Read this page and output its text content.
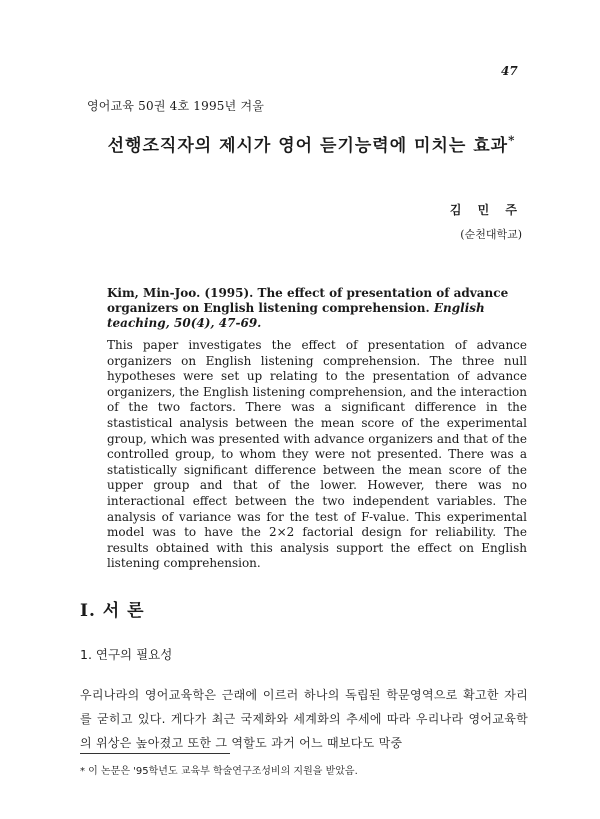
47
영어교육 50권 4호 1995년 겨울
선행조직자의 제시가 영어 듣기능력에 미치는 효과*
김 민 주
(순천대학교)
Kim, Min-Joo. (1995). The effect of presentation of advance organizers on English listening comprehension. English teaching, 50(4), 47-69.
This paper investigates the effect of presentation of advance organizers on English listening comprehension. The three null hypotheses were set up relating to the presentation of advance organizers, the English listening comprehension, and the interaction of the two factors. There was a significant difference in the stastistical analysis between the mean score of the experimental group, which was presented with advance organizers and that of the controlled group, to whom they were not presented. There was a statistically significant difference between the mean score of the upper group and that of the lower. However, there was no interactional effect between the two independent variables. The analysis of variance was for the test of F-value. This experimental model was to have the 2×2 factorial design for reliability. The results obtained with this analysis support the effect on English listening comprehension.
I. 서 론
1. 연구의 필요성
우리나라의 영어교육학은 근래에 이르러 하나의 독립된 학문영역으로 확고한 자리를 굳히고 있다. 게다가 최근 국제화와 세계화의 추세에 따라 우리나라 영어교육학의 위상은 높아졌고 또한 그 역할도 과거 어느 때보다도 막중
* 이 논문은 '95학년도 교육부 학술연구조성비의 지원을 받았음.
